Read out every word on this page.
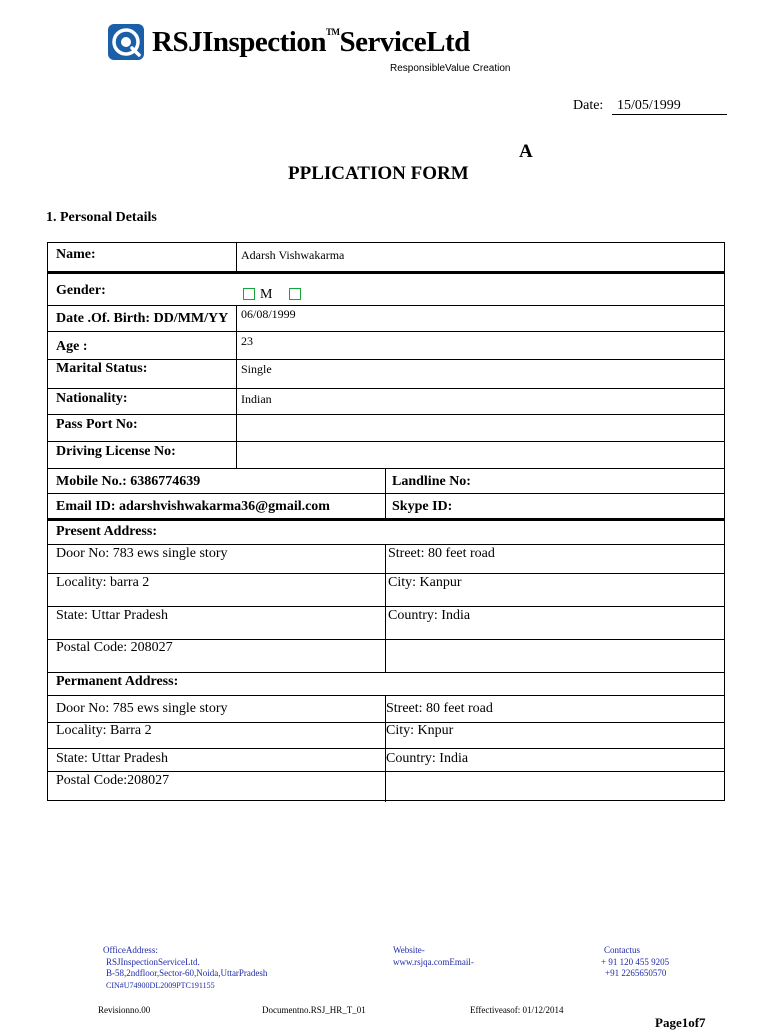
RSJInspection™ServiceLtd
ResponsibleValue Creation
Date: 15/05/1999
A
PPLICATION FORM
1. Personal Details
Name:	Adarsh Vishwakarma
Gender:	M
Date .Of. Birth: DD/MM/YY 06/08/1999
Age :	23
Marital Status:	Single
Nationality:	Indian
Pass Port No:
Driving License No:
Mobile No.: 6386774639	Landline No:
Email ID: adarshvishwakarma36@gmail.com	Skype ID:
Present Address:
Door No: 783 ews single story	Street: 80 feet road
Locality: barra 2	City: Kanpur
State: Uttar Pradesh	Country: India
Postal Code: 208027
Permanent Address:
Door No: 785 ews single story	Street: 80 feet road
Locality: Barra 2	City: Knpur
State: Uttar Pradesh	Country: India
Postal Code:208027
OfficeAddress:
RSJInspectionServiceLtd.
B-58,2ndfloor,Sector-60,Noida,UttarPradesh
CIN#U74900DL2009PTC191155
Website-
www.rsjqa.comEmail-
Contactus
+ 91 120 455 9205
+91 2265650570
Revisionno.00	Documentno.RSJ_HR_T_01	Effectiveasof: 01/12/2014
Page1of7
